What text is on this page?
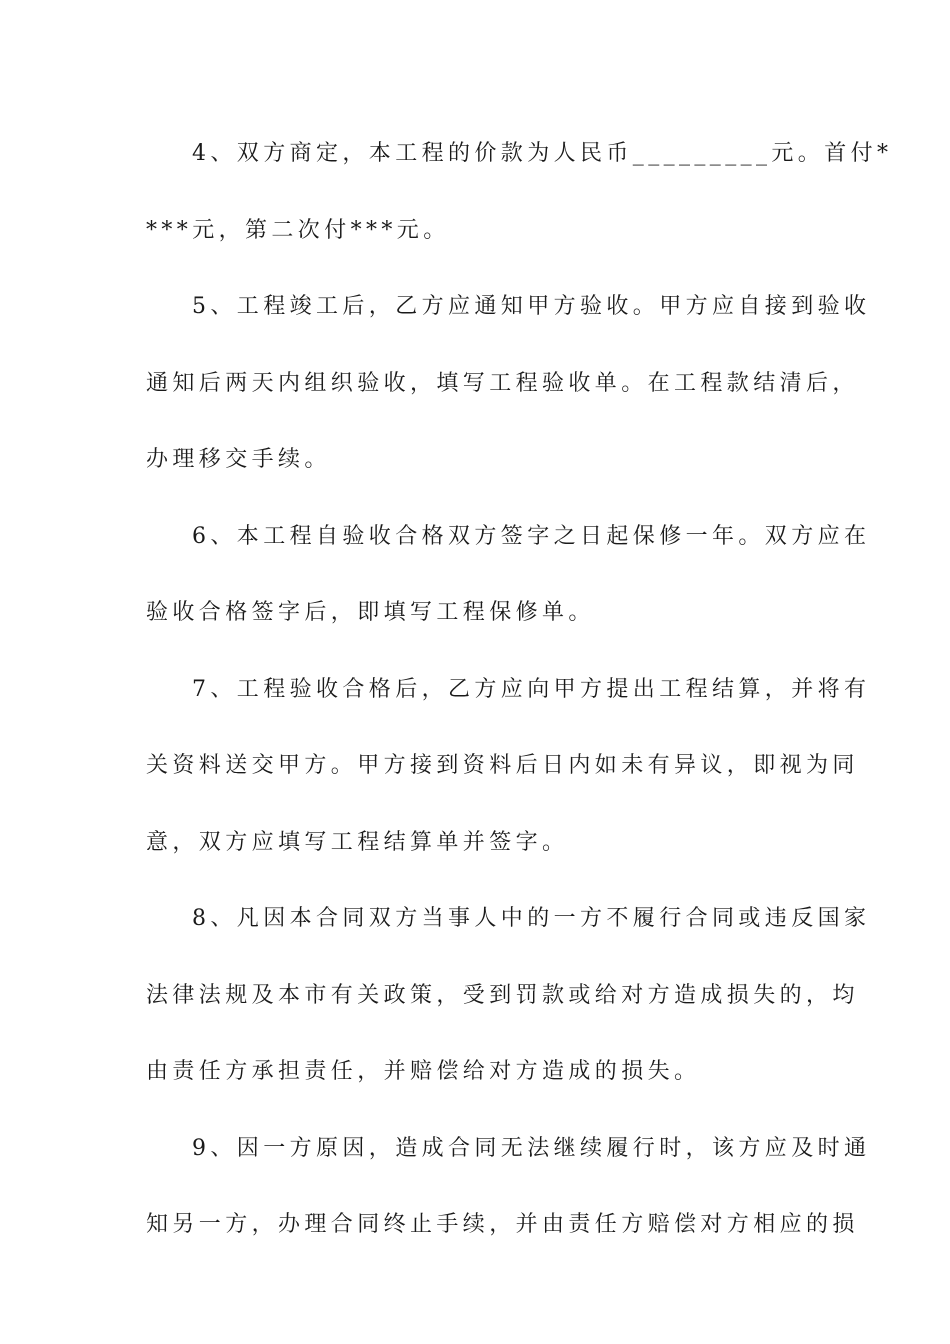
4、双方商定，本工程的价款为人民币_________元。首付*
***元，第二次付***元。
5、工程竣工后，乙方应通知甲方验收。甲方应自接到验收
通知后两天内组织验收，填写工程验收单。在工程款结清后，
办理移交手续。
6、本工程自验收合格双方签字之日起保修一年。双方应在
验收合格签字后，即填写工程保修单。
7、工程验收合格后，乙方应向甲方提出工程结算，并将有
关资料送交甲方。甲方接到资料后日内如未有异议，即视为同
意，双方应填写工程结算单并签字。
8、凡因本合同双方当事人中的一方不履行合同或违反国家
法律法规及本市有关政策，受到罚款或给对方造成损失的，均
由责任方承担责任，并赔偿给对方造成的损失。
9、因一方原因，造成合同无法继续履行时，该方应及时通
知另一方，办理合同终止手续，并由责任方赔偿对方相应的损
